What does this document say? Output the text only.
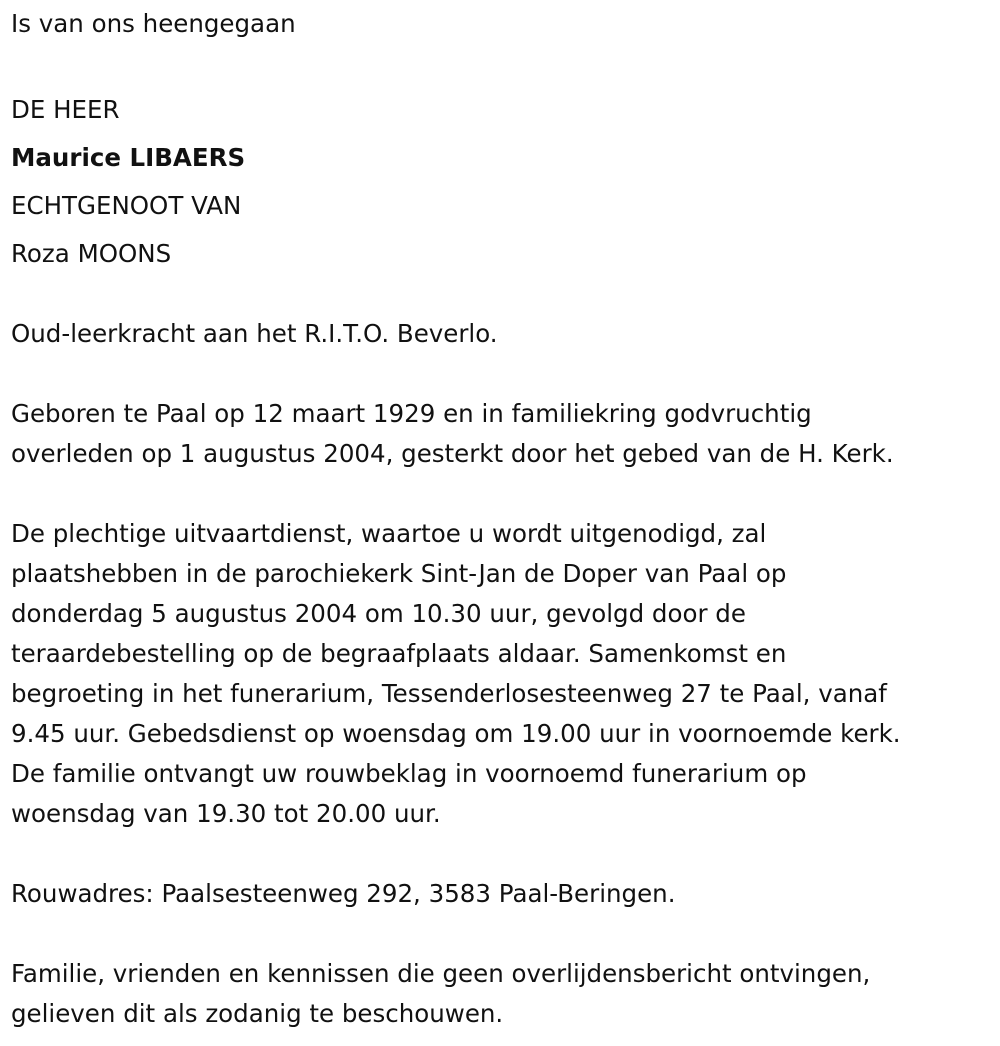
Is van ons heengegaan
DE HEER
Maurice LIBAERS
ECHTGENOOT VAN
Roza MOONS

Oud-leerkracht aan het R.I.T.O. Beverlo.

Geboren te Paal op 12 maart 1929 en in familiekring godvruchtig
overleden op 1 augustus 2004, gesterkt door het gebed van de H. Kerk.

De plechtige uitvaartdienst, waartoe u wordt uitgenodigd, zal
plaatshebben in de parochiekerk Sint-Jan de Doper van Paal op
donderdag 5 augustus 2004 om 10.30 uur, gevolgd door de
teraardebestelling op de begraafplaats aldaar. Samenkomst en
begroeting in het funerarium, Tessenderlosesteenweg 27 te Paal, vanaf
9.45 uur. Gebedsdienst op woensdag om 19.00 uur in voornoemde kerk.
De familie ontvangt uw rouwbeklag in voornoemd funerarium op
woensdag van 19.30 tot 20.00 uur.

Rouwadres: Paalsesteenweg 292, 3583 Paal-Beringen.

Familie, vrienden en kennissen die geen overlijdensbericht ontvingen,
gelieven dit als zodanig te beschouwen.
